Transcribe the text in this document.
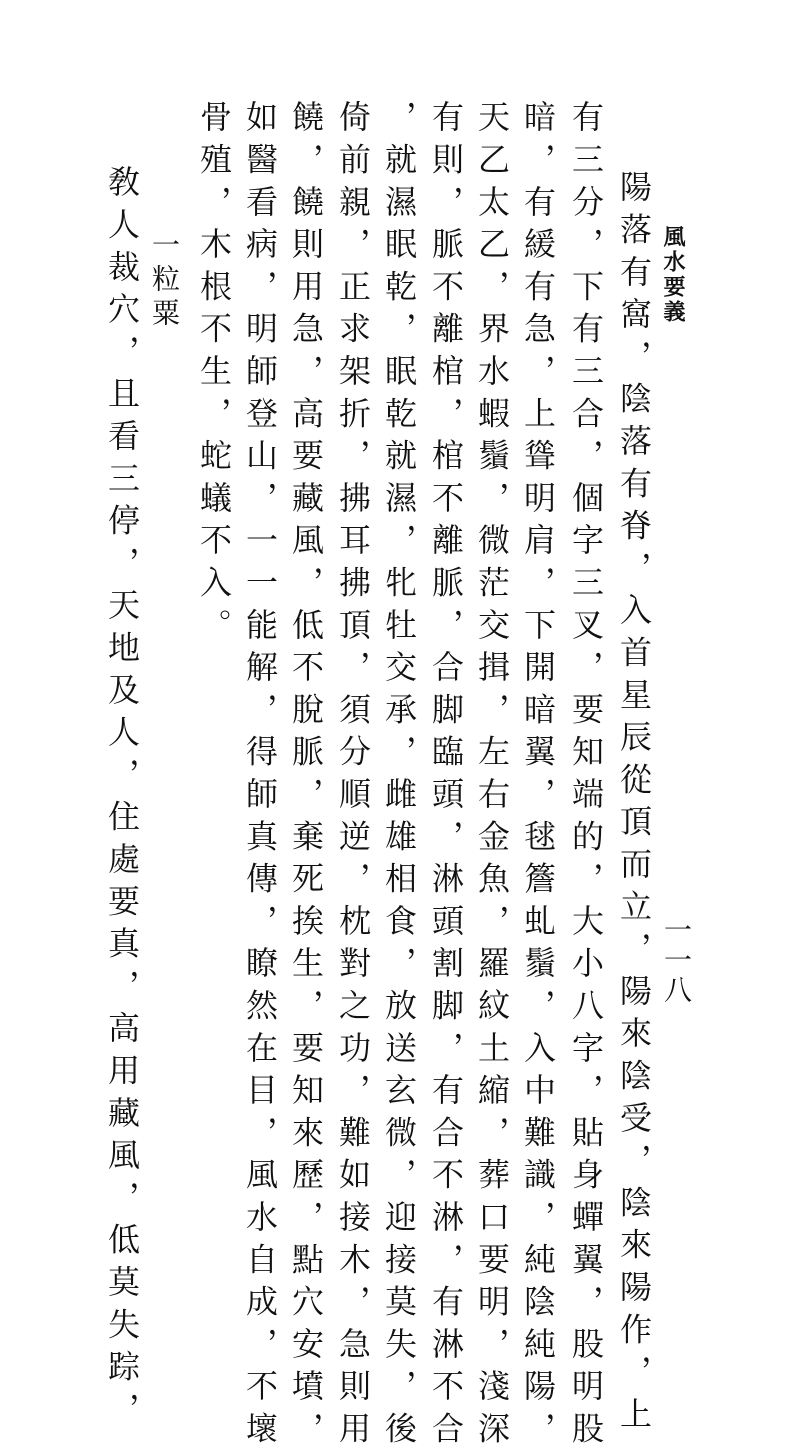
風水要義
一一八
陽落有窩，陰落有脊，入首星辰從頂而立，陽來陰受，陰來陽作，上
有三分，下有三合，個字三叉，要知端的，大小八字，貼身蟬翼，股明股
暗，有緩有急，上聳明肩，下開暗翼，毬簷虬鬚，入中難識，純陰純陽，
天乙太乙，界水蝦鬚，微茫交揖，左右金魚，羅紋土縮，葬口要明，淺深
有則，脈不離棺，棺不離脈，合脚臨頭，淋頭割脚，有合不淋，有淋不合
，就濕眠乾，眠乾就濕，牝牡交承，雌雄相食，放送玄微，迎接莫失，後
倚前親，正求架折，拂耳拂頂，須分順逆，枕對之功，難如接木，急則用
饒，饒則用急，高要藏風，低不脫脈，棄死挨生，要知來歷，點穴安墳，
如醫看病，明師登山，一一能解，得師真傳，瞭然在目，風水自成，不壞
骨殖，木根不生，蛇蟻不入。
一粒粟
敎人裁穴，且看三停，天地及人，住處要真，高用藏風，低莫失踪，
